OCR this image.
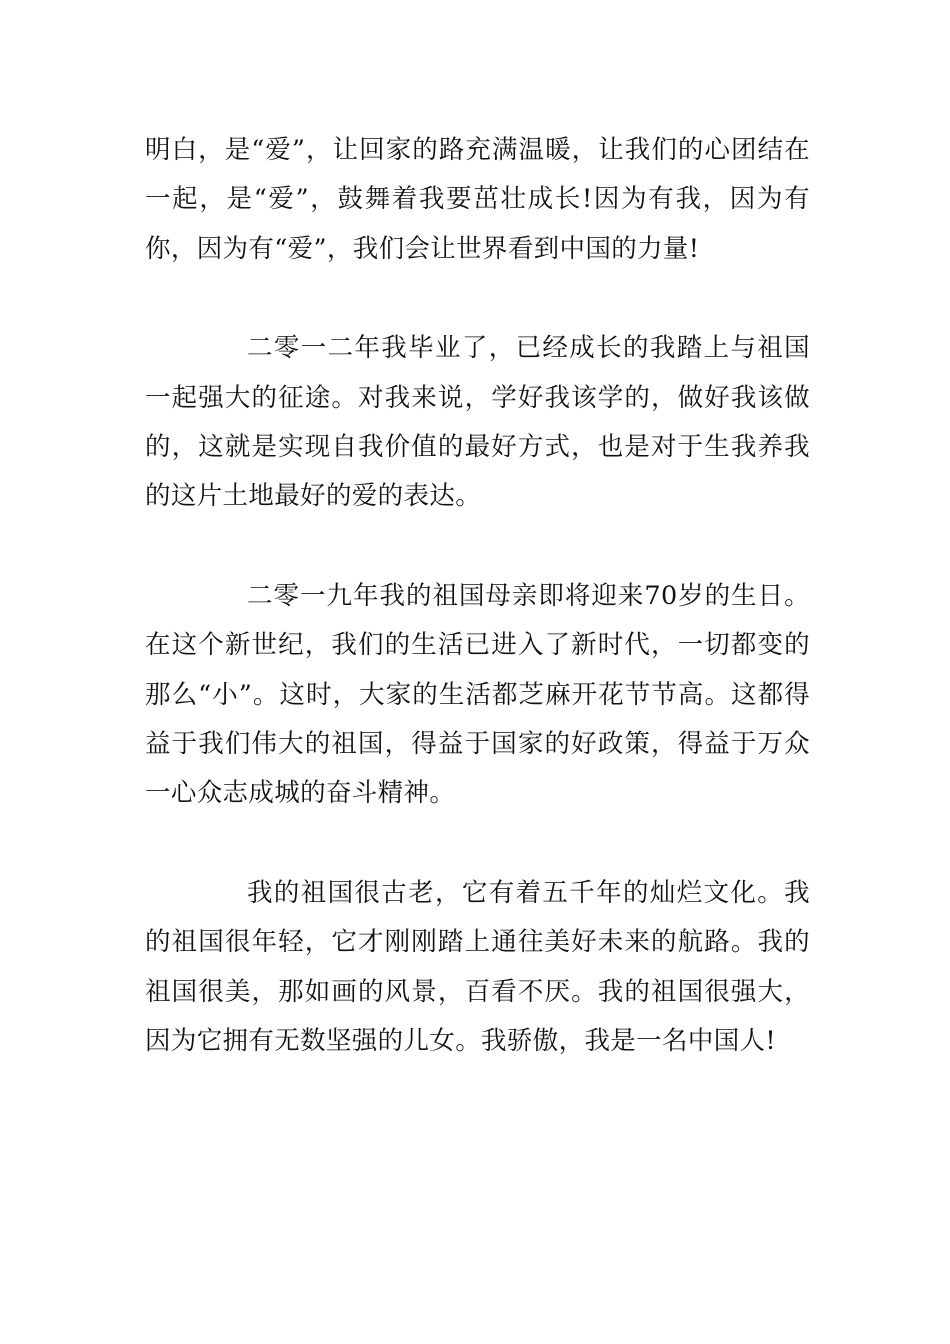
明白，是“爱”，让回家的路充满温暖，让我们的心团结在一起，是“爱”，鼓舞着我要茁壮成长!因为有我，因为有你，因为有“爱”，我们会让世界看到中国的力量!

二零一二年我毕业了，已经成长的我踏上与祖国一起强大的征途。对我来说，学好我该学的，做好我该做的，这就是实现自我价值的最好方式，也是对于生我养我的这片土地最好的爱的表达。

二零一九年我的祖国母亲即将迎来70岁的生日。在这个新世纪，我们的生活已进入了新时代，一切都变的那么“小”。这时，大家的生活都芝麻开花节节高。这都得益于我们伟大的祖国，得益于国家的好政策，得益于万众一心众志成城的奋斗精神。

我的祖国很古老，它有着五千年的灿烂文化。我的祖国很年轻，它才刚刚踏上通往美好未来的航路。我的祖国很美，那如画的风景，百看不厌。我的祖国很强大，因为它拥有无数坚强的儿女。我骄傲，我是一名中国人!
